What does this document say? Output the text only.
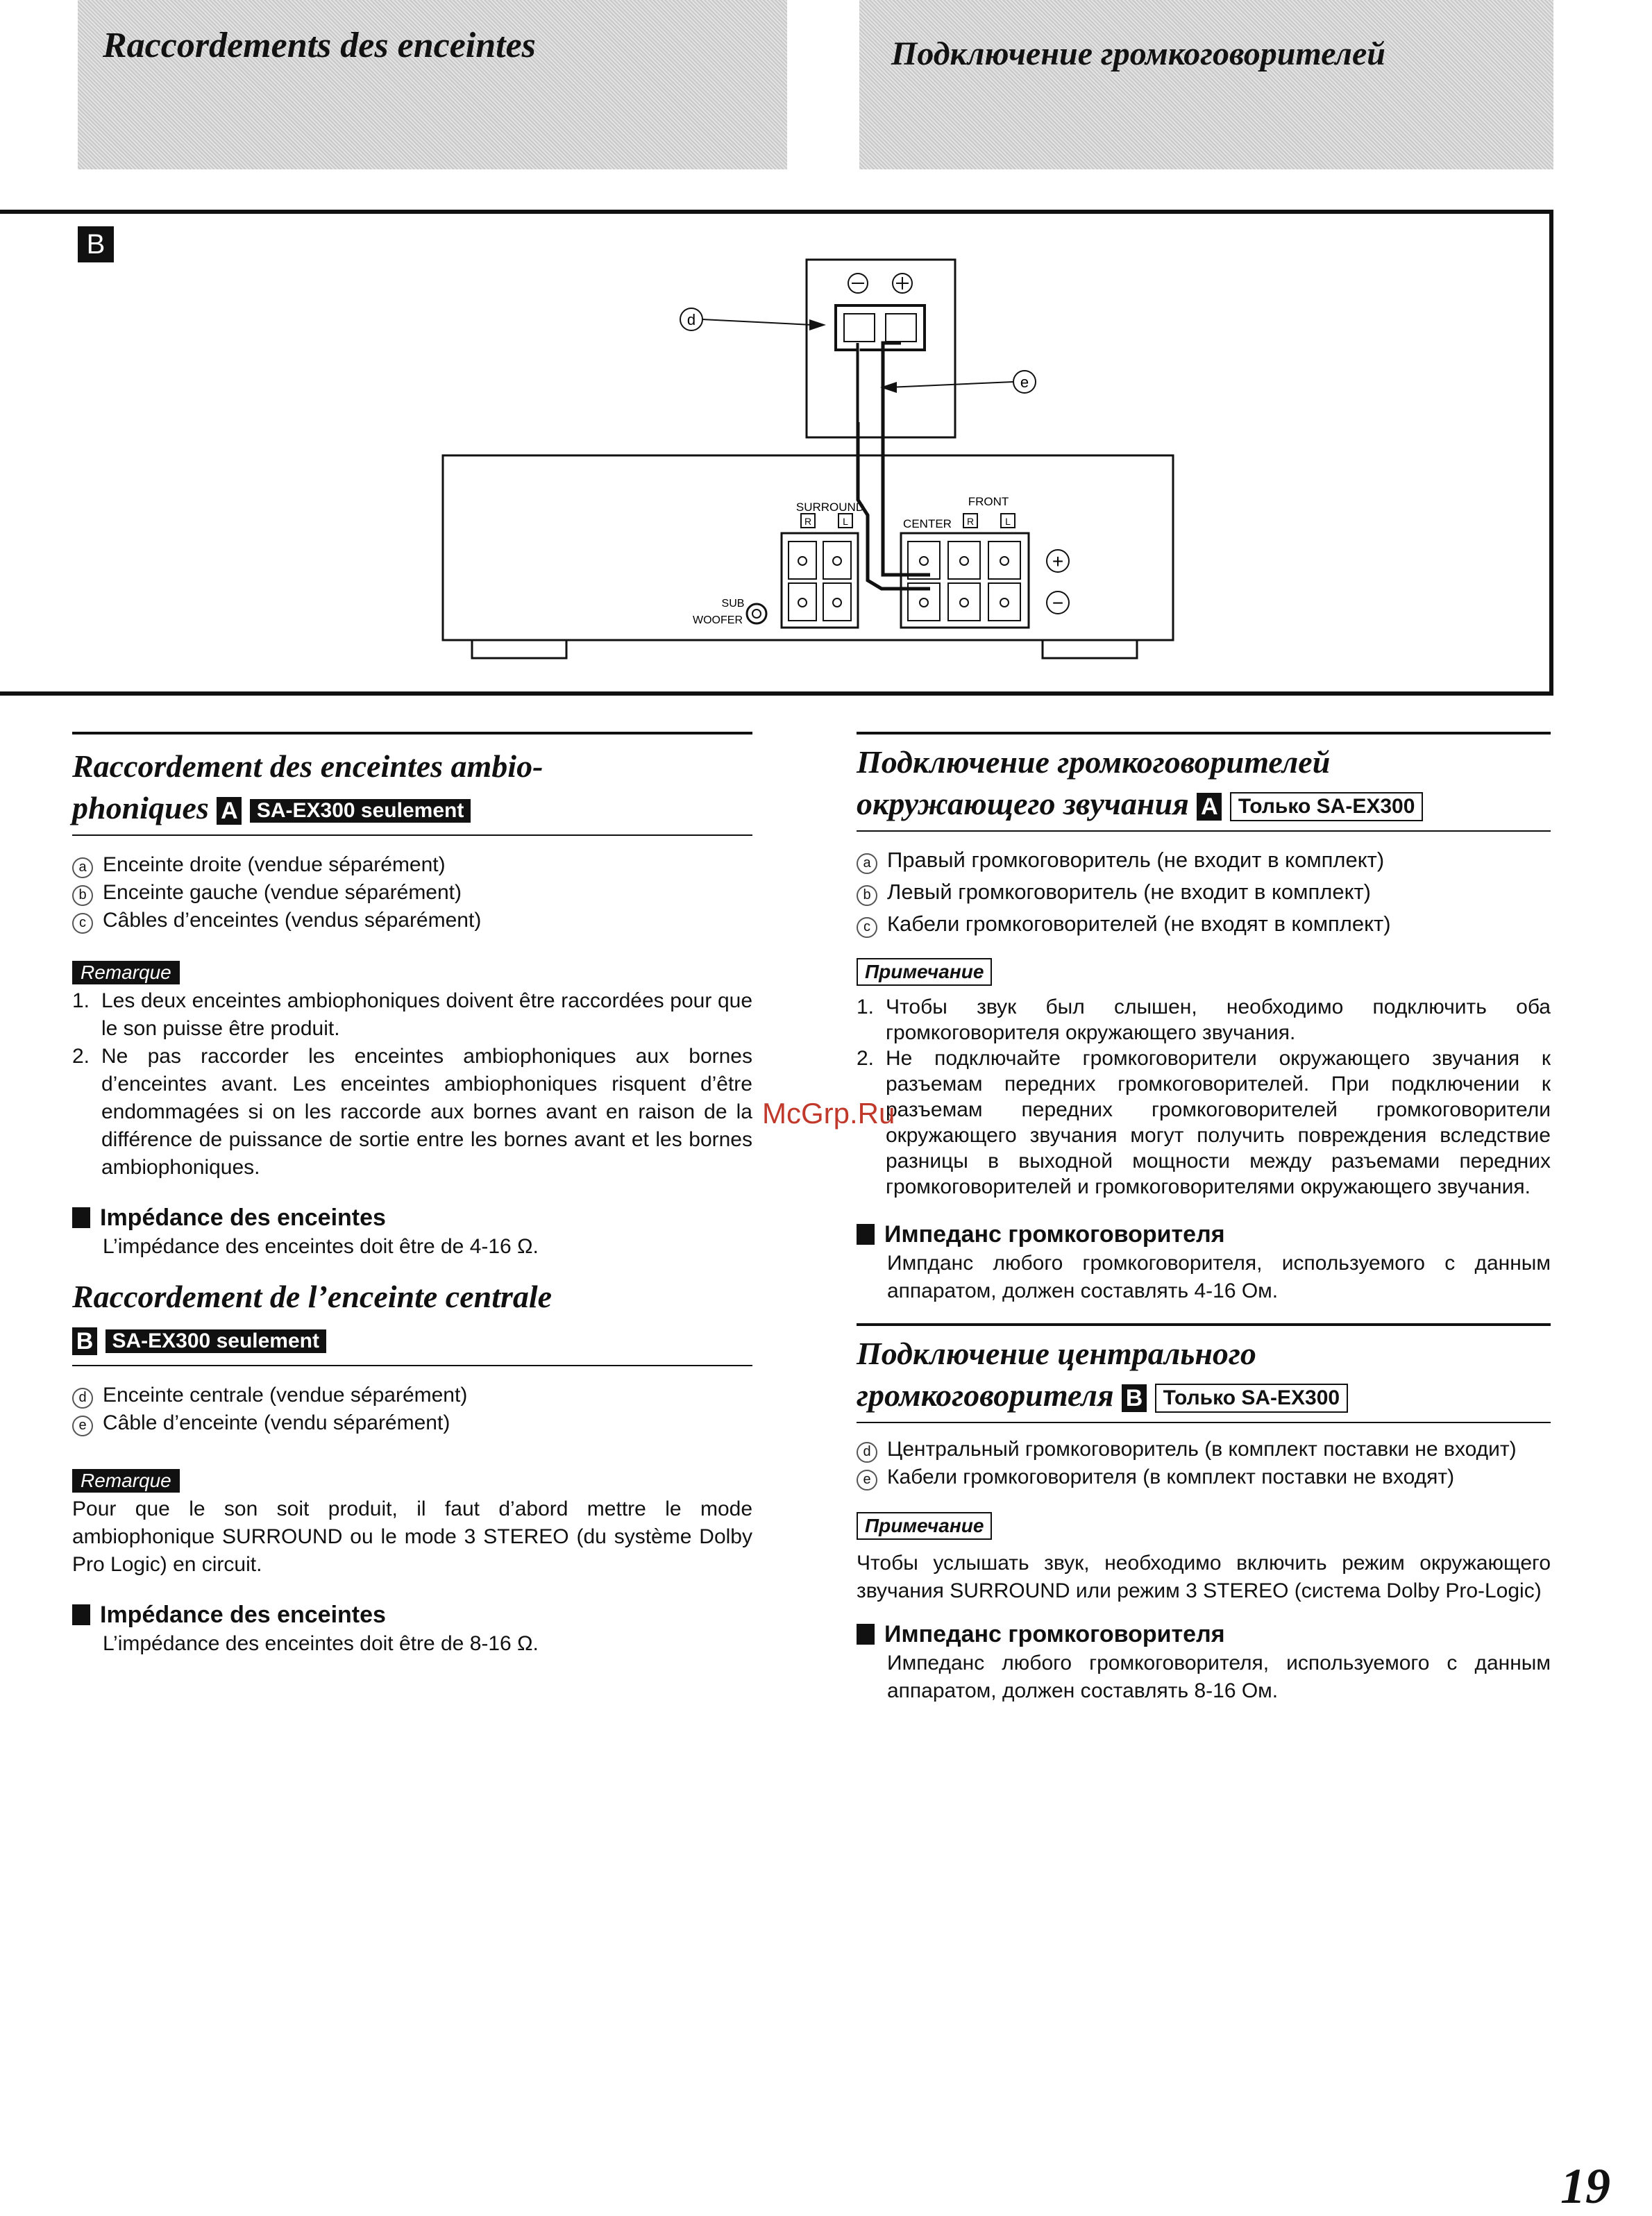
Raccordements des enceintes	Подключение громкоговорителей
B
d
e
SURROUND
R	L
FRONT
CENTER R	L
+
−
SUB
WOOFER
Raccordement des enceintes ambio-
phoniques A SA-EX300 seulement
a Enceinte droite (vendue séparément)
b Enceinte gauche (vendue séparément)
c Câbles d’enceintes (vendus séparément)
Remarque
1. Les deux enceintes ambiophoniques doivent être raccordées pour que le son puisse être produit.
2. Ne pas raccorder les enceintes ambiophoniques aux bornes d’enceintes avant. Les enceintes ambiophoniques risquent d’être endommagées si on les raccorde aux bornes avant en raison de la différence de puissance de sortie entre les bornes avant et les bornes ambiophoniques.
Impédance des enceintes
L’impédance des enceintes doit être de 4-16 Ω.
Raccordement de l’enceinte centrale
B SA-EX300 seulement
d Enceinte centrale (vendue séparément)
e Câble d’enceinte (vendu séparément)
Remarque
Pour que le son soit produit, il faut d’abord mettre le mode ambiophonique SURROUND ou le mode 3 STEREO (du système Dolby Pro Logic) en circuit.
Impédance des enceintes
L’impédance des enceintes doit être de 8-16 Ω.
Подключение громкоговорителей
окружающего звучания A Только SA-EX300
a Правый громкоговоритель (не входит в комплект)
b Левый громкоговоритель (не входит в комплект)
c Кабели громкоговорителей (не входят в комплект)
Примечание
1. Чтобы звук был слышен, необходимо подключить оба громкоговорителя окружающего звучания.
2. Не подключайте громкоговорители окружающего звучания к разъемам передних громкоговорителей. При подключении к разъемам передних громкоговорителей громкоговорители окружающего звучания могут получить повреждения вследствие разницы в выходной мощности между разъемами передних громкоговорителей и громкоговорителями окружающего звучания.
Импеданс громкоговорителя
Импданс любого громкоговорителя, используемого с данным аппаратом, должен составлять 4-16 Ом.
Подключение центрального
громкоговорителя B Только SA-EX300
d Центральный громкоговоритель (в комплект поставки не входит)
e Кабели громкоговорителя (в комплект поставки не входят)
Примечание
Чтобы услышать звук, необходимо включить режим окружающего звучания SURROUND или режим 3 STEREO (система Dolby Pro-Logic)
Импеданс громкоговорителя
Импеданс любого громкоговорителя, используемого с данным аппаратом, должен составлять 8-16 Ом.
McGrp.Ru
19
